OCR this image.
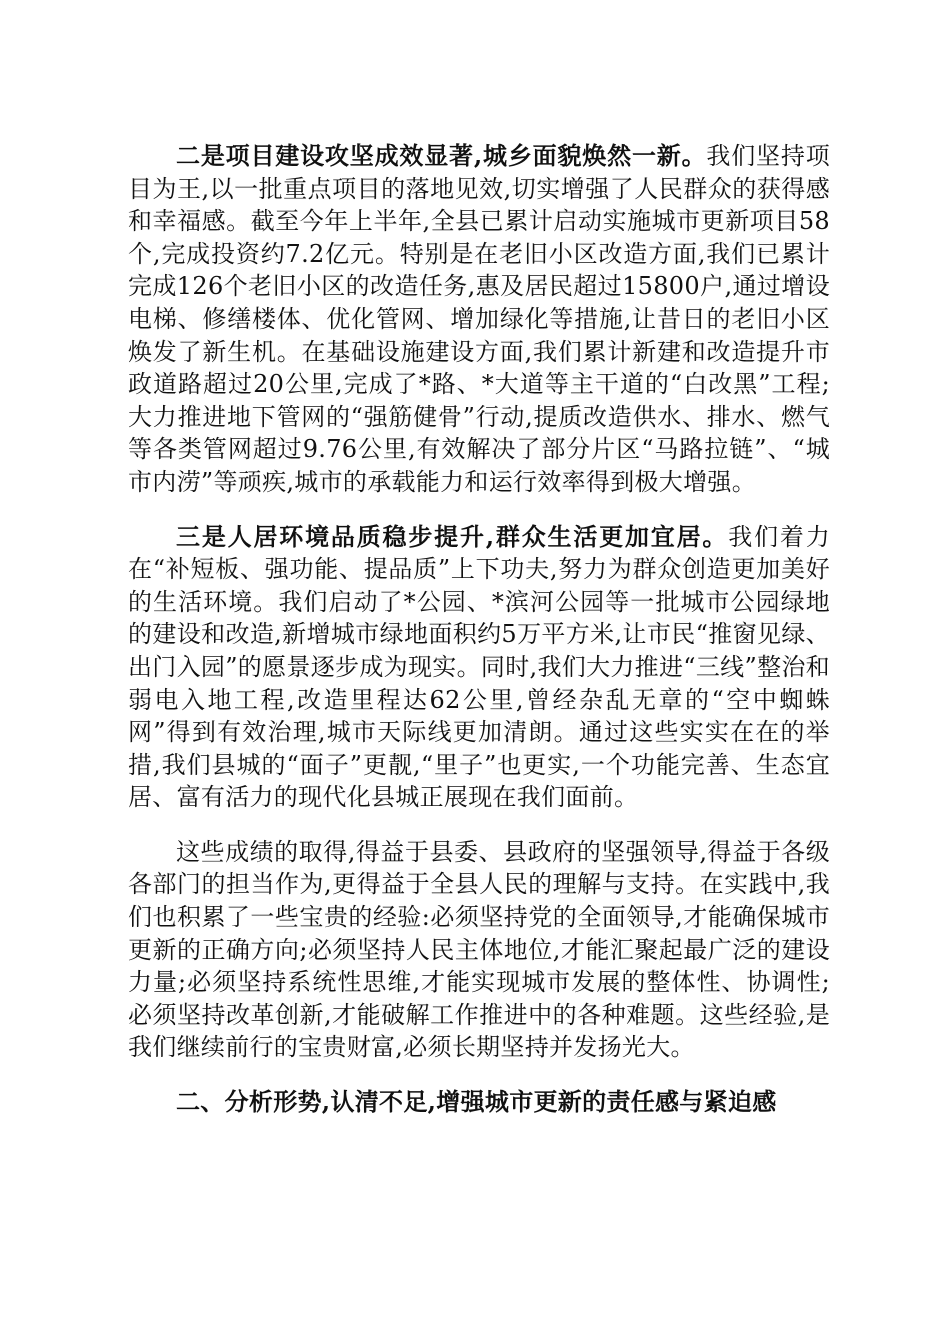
二是项目建设攻坚成效显著,城乡面貌焕然一新。我们坚持项目为王,以一批重点项目的落地见效,切实增强了人民群众的获得感和幸福感。截至今年上半年,全县已累计启动实施城市更新项目58个,完成投资约7.2亿元。特别是在老旧小区改造方面,我们已累计完成126个老旧小区的改造任务,惠及居民超过15800户,通过增设电梯、修缮楼体、优化管网、增加绿化等措施,让昔日的老旧小区焕发了新生机。在基础设施建设方面,我们累计新建和改造提升市政道路超过20公里,完成了*路、*大道等主干道的“白改黑”工程;大力推进地下管网的“强筋健骨”行动,提质改造供水、排水、燃气等各类管网超过9.76公里,有效解决了部分片区“马路拉链”、“城市内涝”等顽疾,城市的承载能力和运行效率得到极大增强。

三是人居环境品质稳步提升,群众生活更加宜居。我们着力在“补短板、强功能、提品质”上下功夫,努力为群众创造更加美好的生活环境。我们启动了*公园、*滨河公园等一批城市公园绿地的建设和改造,新增城市绿地面积约5万平方米,让市民“推窗见绿、出门入园”的愿景逐步成为现实。同时,我们大力推进“三线”整治和弱电入地工程,改造里程达62公里,曾经杂乱无章的“空中蜘蛛网”得到有效治理,城市天际线更加清朗。通过这些实实在在的举措,我们县城的“面子”更靓,“里子”也更实,一个功能完善、生态宜居、富有活力的现代化县城正展现在我们面前。

这些成绩的取得,得益于县委、县政府的坚强领导,得益于各级各部门的担当作为,更得益于全县人民的理解与支持。在实践中,我们也积累了一些宝贵的经验:必须坚持党的全面领导,才能确保城市更新的正确方向;必须坚持人民主体地位,才能汇聚起最广泛的建设力量;必须坚持系统性思维,才能实现城市发展的整体性、协调性;必须坚持改革创新,才能破解工作推进中的各种难题。这些经验,是我们继续前行的宝贵财富,必须长期坚持并发扬光大。

二、分析形势,认清不足,增强城市更新的责任感与紧迫感
